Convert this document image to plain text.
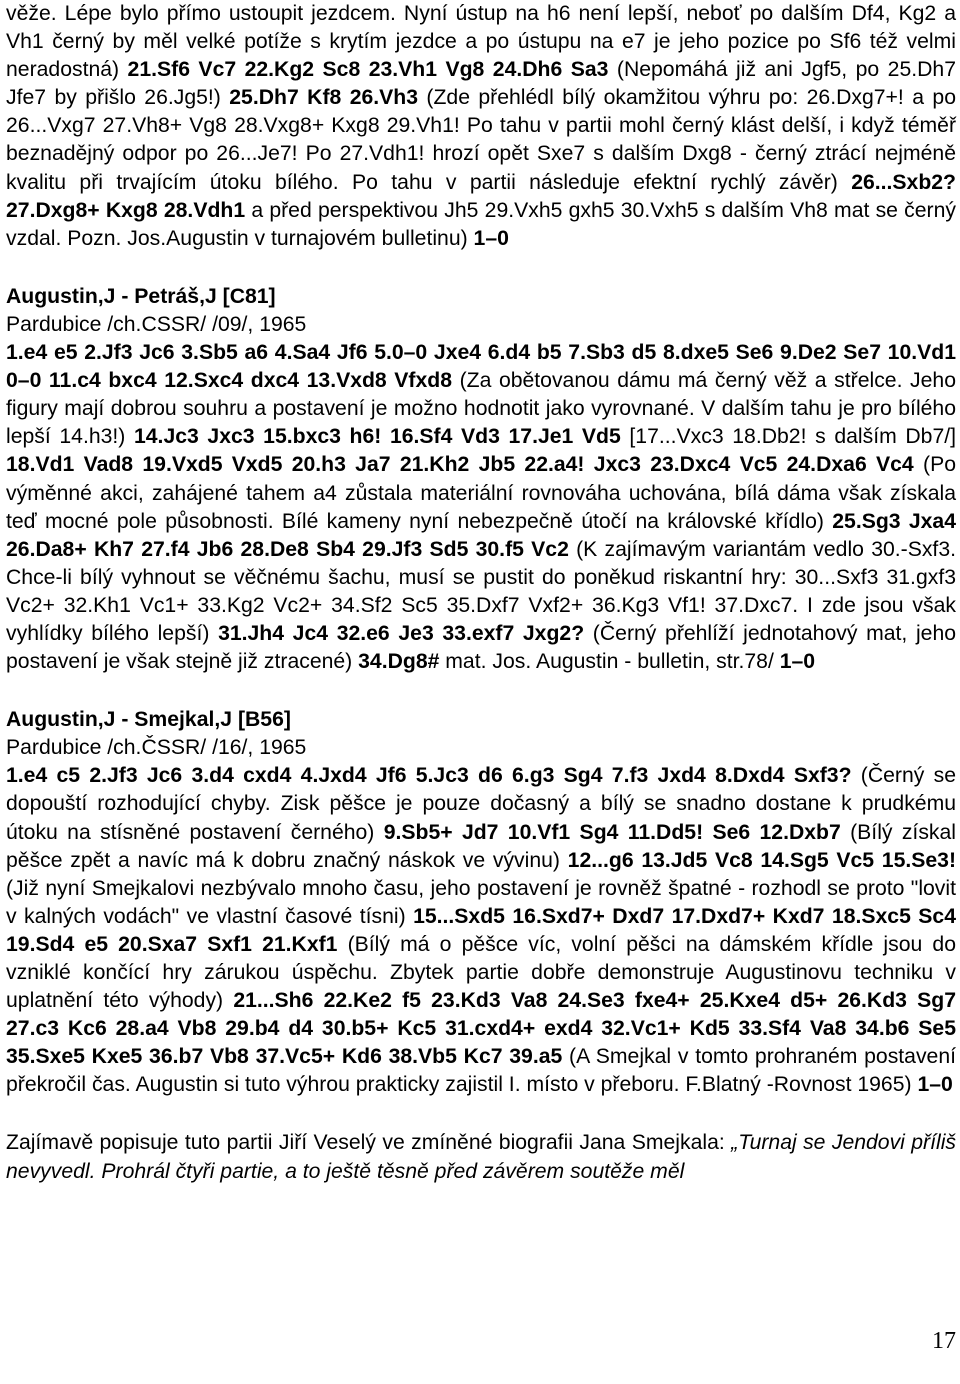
věže. Lépe bylo přímo ustoupit jezdcem. Nyní ústup na h6 není lepší, neboť po dalším Df4, Kg2 a Vh1 černý by měl velké potíže s krytím jezdce a po ústupu na e7 je jeho pozice po Sf6 též velmi neradostná) 21.Sf6 Vc7 22.Kg2 Sc8 23.Vh1 Vg8 24.Dh6 Sa3 (Nepomáhá již ani Jgf5, po 25.Dh7 Jfe7 by přišlo 26.Jg5!) 25.Dh7 Kf8 26.Vh3 (Zde přehlédl bílý okamžitou výhru po: 26.Dxg7+! a po 26...Vxg7 27.Vh8+ Vg8 28.Vxg8+ Kxg8 29.Vh1! Po tahu v partii mohl černý klást delší, i když téměř beznadějný odpor po 26...Je7! Po 27.Vdh1! hrozí opět Sxe7 s dalším Dxg8 - černý ztrácí nejméně kvalitu při trvajícím útoku bílého. Po tahu v partii následuje efektní rychlý závěr) 26...Sxb2? 27.Dxg8+ Kxg8 28.Vdh1 a před perspektivou Jh5 29.Vxh5 gxh5 30.Vxh5 s dalším Vh8 mat se černý vzdal. Pozn. Jos.Augustin v turnajovém bulletinu) 1–0

Augustin,J - Petráš,J [C81]

Pardubice /ch.CSSR/ /09/, 1965

1.e4 e5 2.Jf3 Jc6 3.Sb5 a6 4.Sa4 Jf6 5.0–0 Jxe4 6.d4 b5 7.Sb3 d5 8.dxe5 Se6 9.De2 Se7 10.Vd1 0–0 11.c4 bxc4 12.Sxc4 dxc4 13.Vxd8 Vfxd8 (Za obětovanou dámu má černý věž a střelce. Jeho figury mají dobrou souhru a postavení je možno hodnotit jako vyrovnané. V dalším tahu je pro bílého lepší 14.h3!) 14.Jc3 Jxc3 15.bxc3 h6! 16.Sf4 Vd3 17.Je1 Vd5 [17...Vxc3 18.Db2! s dalším Db7/] 18.Vd1 Vad8 19.Vxd5 Vxd5 20.h3 Ja7 21.Kh2 Jb5 22.a4! Jxc3 23.Dxc4 Vc5 24.Dxa6 Vc4 (Po výměnné akci, zahájené tahem a4 zůstala materiální rovnováha uchována, bílá dáma však získala teď mocné pole působnosti. Bílé kameny nyní nebezpečně útočí na královské křídlo) 25.Sg3 Jxa4 26.Da8+ Kh7 27.f4 Jb6 28.De8 Sb4 29.Jf3 Sd5 30.f5 Vc2 (K zajímavým variantám vedlo 30.-Sxf3. Chce-li bílý vyhnout se věčnému šachu, musí se pustit do poněkud riskantní hry: 30...Sxf3 31.gxf3 Vc2+ 32.Kh1 Vc1+ 33.Kg2 Vc2+ 34.Sf2 Sc5 35.Dxf7 Vxf2+ 36.Kg3 Vf1! 37.Dxc7. I zde jsou však vyhlídky bílého lepší) 31.Jh4 Jc4 32.e6 Je3 33.exf7 Jxg2? (Černý přehlíží jednotahový mat, jeho postavení je však stejně již ztracené) 34.Dg8# mat. Jos. Augustin - bulletin, str.78/ 1–0

Augustin,J - Smejkal,J [B56]

Pardubice /ch.ČSSR/ /16/, 1965

1.e4 c5 2.Jf3 Jc6 3.d4 cxd4 4.Jxd4 Jf6 5.Jc3 d6 6.g3 Sg4 7.f3 Jxd4 8.Dxd4 Sxf3? (Černý se dopouští rozhodující chyby. Zisk pěšce je pouze dočasný a bílý se snadno dostane k prudkému útoku na stísněné postavení černého) 9.Sb5+ Jd7 10.Vf1 Sg4 11.Dd5! Se6 12.Dxb7 (Bílý získal pěšce zpět a navíc má k dobru značný náskok ve vývinu) 12...g6 13.Jd5 Vc8 14.Sg5 Vc5 15.Se3! (Již nyní Smejkalovi nezbývalo mnoho času, jeho postavení je rovněž špatné - rozhodl se proto "lovit v kalných vodách" ve vlastní časové tísni) 15...Sxd5 16.Sxd7+ Dxd7 17.Dxd7+ Kxd7 18.Sxc5 Sc4 19.Sd4 e5 20.Sxa7 Sxf1 21.Kxf1 (Bílý má o pěšce víc, volní pěšci na dámském křídle jsou do vzniklé končící hry zárukou úspěchu. Zbytek partie dobře demonstruje Augustinovu techniku v uplatnění této výhody) 21...Sh6 22.Ke2 f5 23.Kd3 Va8 24.Se3 fxe4+ 25.Kxe4 d5+ 26.Kd3 Sg7 27.c3 Kc6 28.a4 Vb8 29.b4 d4 30.b5+ Kc5 31.cxd4+ exd4 32.Vc1+ Kd5 33.Sf4 Va8 34.b6 Se5 35.Sxe5 Kxe5 36.b7 Vb8 37.Vc5+ Kd6 38.Vb5 Kc7 39.a5 (A Smejkal v tomto prohraném postavení překročil čas. Augustin si tuto výhrou prakticky zajistil I. místo v přeboru. F.Blatný -Rovnost 1965) 1–0

Zajímavě popisuje tuto partii Jiří Veselý ve zmíněné biografii Jana Smejkala: „Turnaj se Jendovi příliš nevyvedl. Prohrál čtyři partie, a to ještě těsně před závěrem soutěže měl

17
